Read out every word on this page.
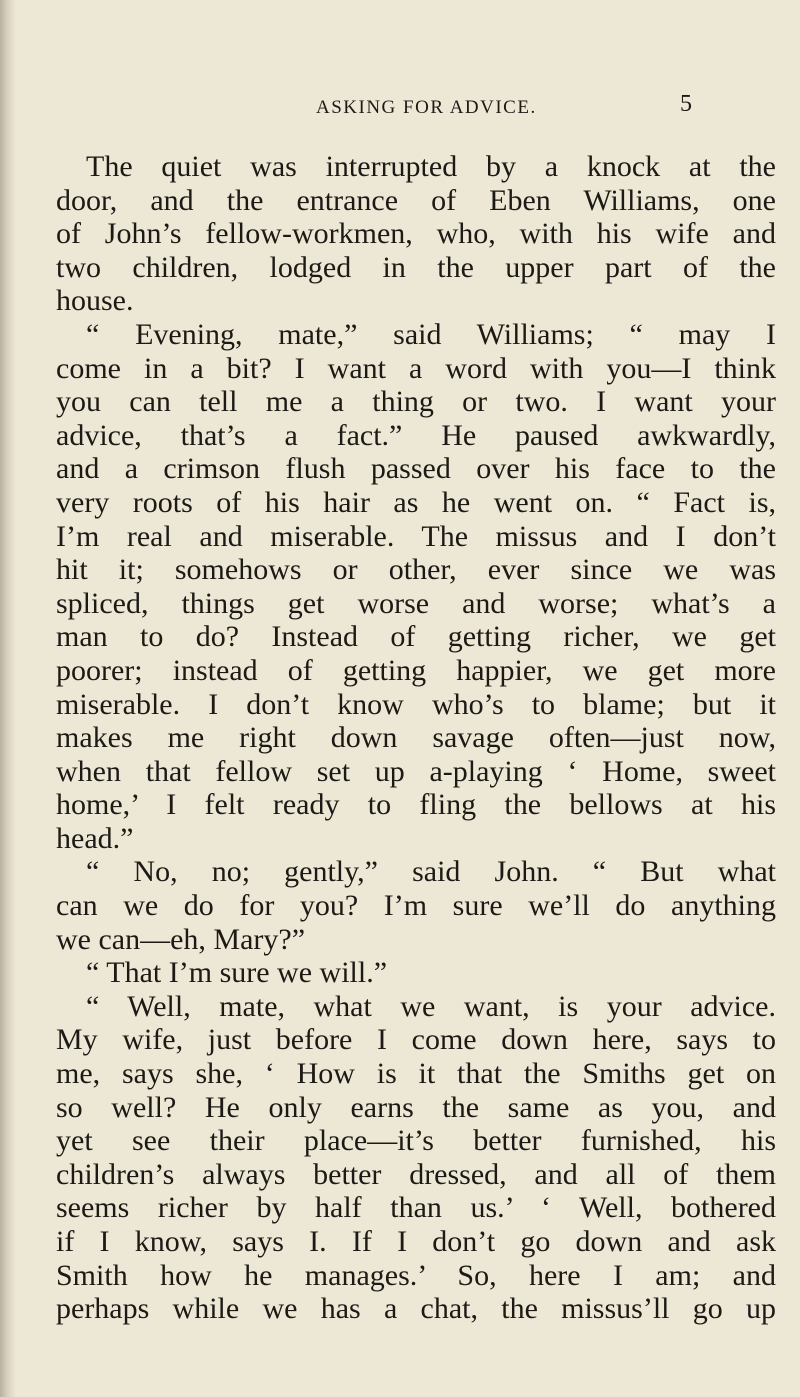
ASKING FOR ADVICE.	5
The quiet was interrupted by a knock at the
door, and the entrance of Eben Williams, one
of John’s fellow-workmen, who, with his wife and
two children, lodged in the upper part of the
house.
“ Evening, mate,” said Williams; “ may I
come in a bit? I want a word with you—I think
you can tell me a thing or two. I want your
advice, that’s a fact.” He paused awkwardly,
and a crimson flush passed over his face to the
very roots of his hair as he went on. “ Fact is,
I’m real and miserable. The missus and I don’t
hit it; somehows or other, ever since we was
spliced, things get worse and worse; what’s a
man to do? Instead of getting richer, we get
poorer; instead of getting happier, we get more
miserable. I don’t know who’s to blame; but it
makes me right down savage often—just now,
when that fellow set up a-playing ‘ Home, sweet
home,’ I felt ready to fling the bellows at his
head.”
“ No, no; gently,” said John. “ But what
can we do for you? I’m sure we’ll do anything
we can—eh, Mary?”
“ That I’m sure we will.”
“ Well, mate, what we want, is your advice.
My wife, just before I come down here, says to
me, says she, ‘ How is it that the Smiths get on
so well? He only earns the same as you, and
yet see their place—it’s better furnished, his
children’s always better dressed, and all of them
seems richer by half than us.’ ‘ Well, bothered
if I know, says I. If I don’t go down and ask
Smith how he manages.’ So, here I am; and
perhaps while we has a chat, the missus’ll go up
